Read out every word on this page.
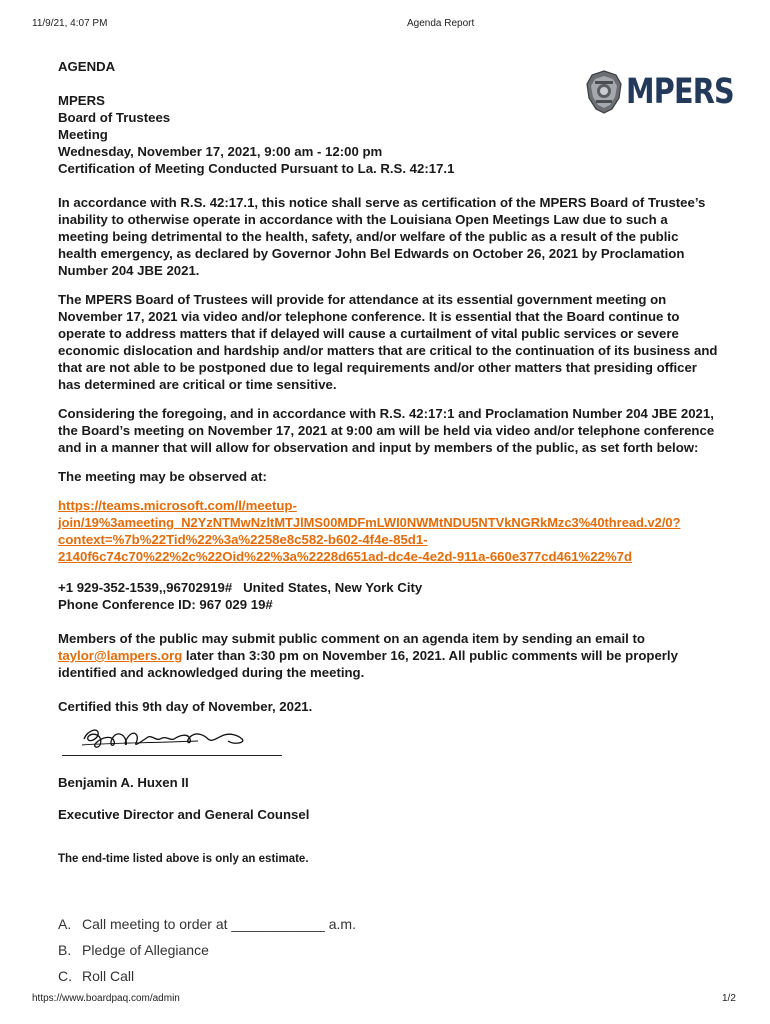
11/9/21, 4:07 PM	Agenda Report
MPERS
AGENDA
MPERS
Board of Trustees
Meeting
Wednesday, November 17, 2021, 9:00 am - 12:00 pm
Certification of Meeting Conducted Pursuant to La. R.S. 42:17.1

In accordance with R.S. 42:17.1, this notice shall serve as certification of the MPERS Board of Trustee’s inability to otherwise operate in accordance with the Louisiana Open Meetings Law due to such a meeting being detrimental to the health, safety, and/or welfare of the public as a result of the public health emergency, as declared by Governor John Bel Edwards on October 26, 2021 by Proclamation Number 204 JBE 2021.

The MPERS Board of Trustees will provide for attendance at its essential government meeting on November 17, 2021 via video and/or telephone conference. It is essential that the Board continue to operate to address matters that if delayed will cause a curtailment of vital public services or severe economic dislocation and hardship and/or matters that are critical to the continuation of its business and that are not able to be postponed due to legal requirements and/or other matters that presiding officer has determined are critical or time sensitive.

Considering the foregoing, and in accordance with R.S. 42:17:1 and Proclamation Number 204 JBE 2021, the Board’s meeting on November 17, 2021 at 9:00 am will be held via video and/or telephone conference and in a manner that will allow for observation and input by members of the public, as set forth below:

The meeting may be observed at:

https://teams.microsoft.com/l/meetup-
join/19%3ameeting_N2YzNTMwNzltMTJlMS00MDFmLWI0NWMtNDU5NTVkNGRkMzc3%40thread.v2/0?
context=%7b%22Tid%22%3a%2258e8c582-b602-4f4e-85d1-
2140f6c74c70%22%2c%22Oid%22%3a%2228d651ad-dc4e-4e2d-911a-660e377cd461%22%7d
+1 929-352-1539,,96702919#   United States, New York City
Phone Conference ID: 967 029 19#

Members of the public may submit public comment on an agenda item by sending an email to taylor@lampers.org later than 3:30 pm on November 16, 2021. All public comments will be properly identified and acknowledged during the meeting.

Certified this 9th day of November, 2021.

Benjamin A. Huxen II
Executive Director and General Counsel
The end-time listed above is only an estimate.
A. Call meeting to order at ____________ a.m.
B. Pledge of Allegiance
C. Roll Call
https://www.boardpaq.com/admin	1/2
